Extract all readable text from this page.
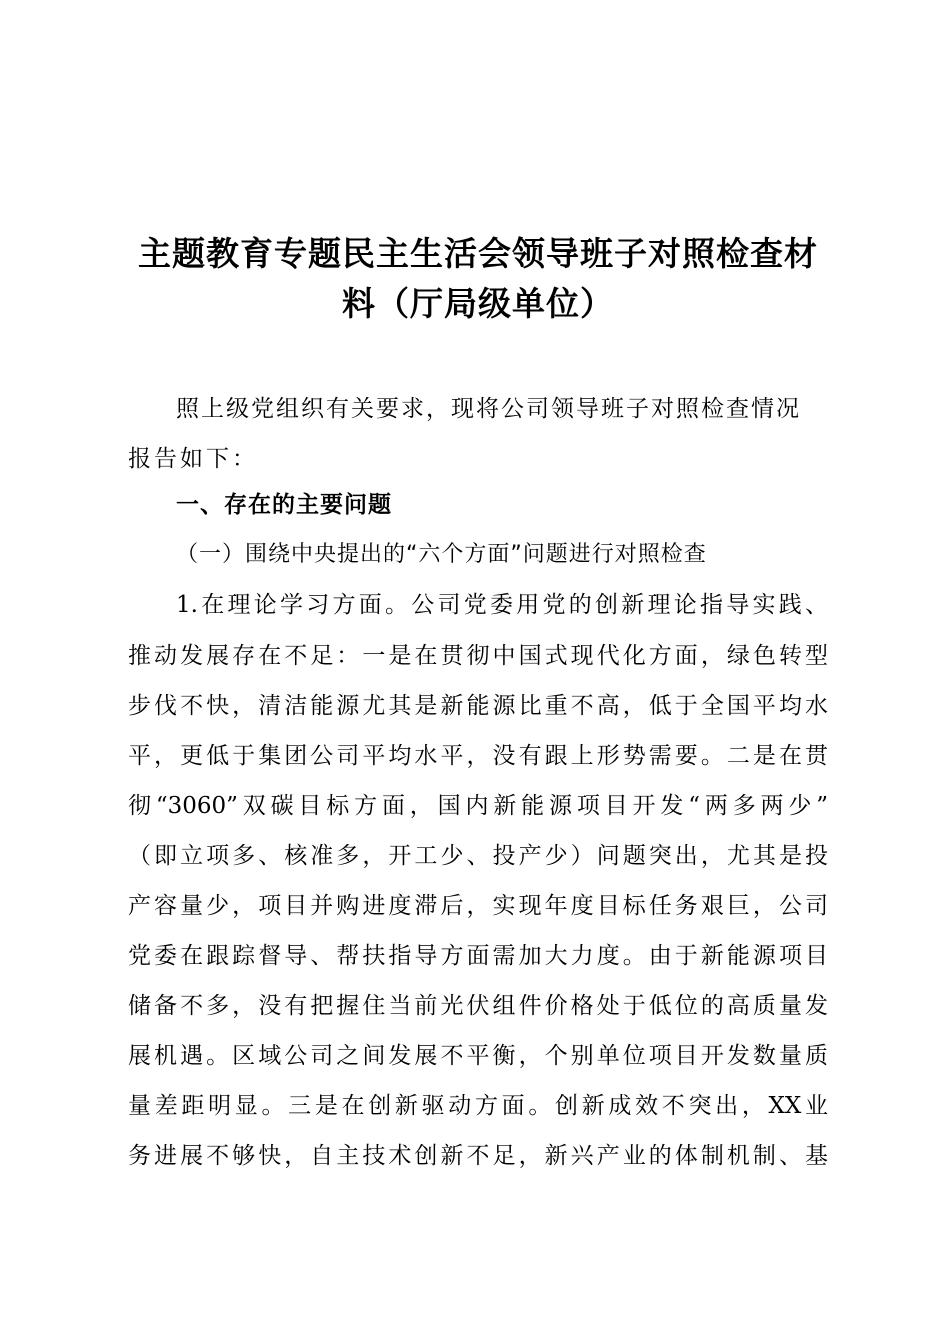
主题教育专题民主生活会领导班子对照检查材
料（厅局级单位）
照上级党组织有关要求，现将公司领导班子对照检查情况
报告如下：
一、存在的主要问题
（一）围绕中央提出的“六个方面”问题进行对照检查
1.在理论学习方面。公司党委用党的创新理论指导实践、
推动发展存在不足：一是在贯彻中国式现代化方面，绿色转型
步伐不快，清洁能源尤其是新能源比重不高，低于全国平均水
平，更低于集团公司平均水平，没有跟上形势需要。二是在贯
彻“3060”双碳目标方面，国内新能源项目开发“两多两少”
（即立项多、核准多，开工少、投产少）问题突出，尤其是投
产容量少，项目并购进度滞后，实现年度目标任务艰巨，公司
党委在跟踪督导、帮扶指导方面需加大力度。由于新能源项目
储备不多，没有把握住当前光伏组件价格处于低位的高质量发
展机遇。区域公司之间发展不平衡，个别单位项目开发数量质
量差距明显。三是在创新驱动方面。创新成效不突出，XX业
务进展不够快，自主技术创新不足，新兴产业的体制机制、基
